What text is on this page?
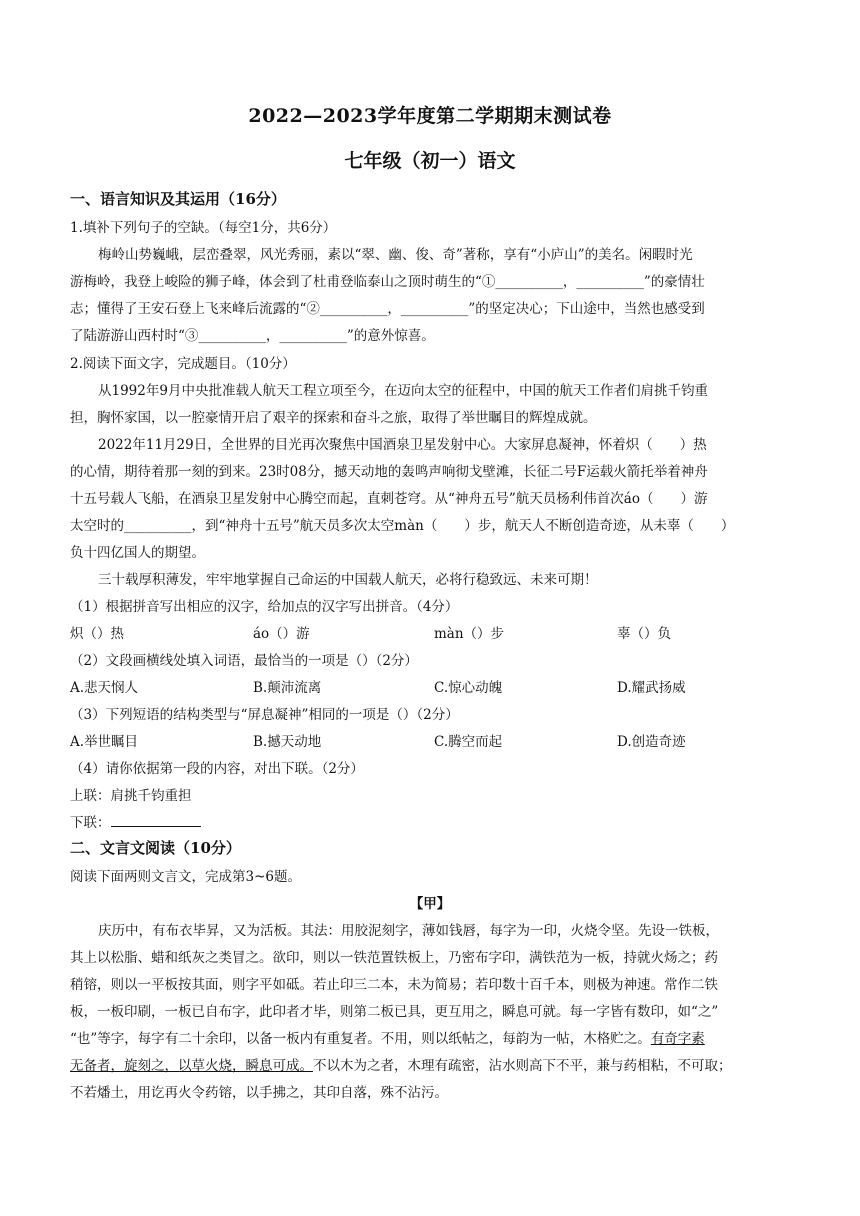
2022—2023学年度第二学期期末测试卷
七年级（初一）语文
一、语言知识及其运用（16分）
1.填补下列句子的空缺。（每空1分，共6分）
梅岭山势巍峨，层峦叠翠，风光秀丽，素以“翠、幽、俊、奇”著称，享有“小庐山”的美名。闲暇时光
游梅岭，我登上峻险的狮子峰，体会到了杜甫登临泰山之顶时萌生的“①__________，__________”的豪情壮
志；懂得了王安石登上飞来峰后流露的“②__________，__________”的坚定决心；下山途中，当然也感受到
了陆游游山西村时“③__________，__________”的意外惊喜。
2.阅读下面文字，完成题目。（10分）
从1992年9月中央批准载人航天工程立项至今，在迈向太空的征程中，中国的航天工作者们肩挑千钧重
担，胸怀家国，以一腔豪情开启了艰辛的探索和奋斗之旅，取得了举世瞩目的辉煌成就。
2022年11月29日，全世界的目光再次聚焦中国酒泉卫星发射中心。大家屏息凝神，怀着炽（　　）热
的心情，期待着那一刻的到来。23时08分，撼天动地的轰鸣声响彻戈壁滩，长征二号F运载火箭托举着神舟
十五号载人飞船，在酒泉卫星发射中心腾空而起，直刺苍穹。从“神舟五号”航天员杨利伟首次áo（　　）游
太空时的__________，到“神舟十五号”航天员多次太空màn（　　）步，航天人不断创造奇迹，从未辜（　　）
负十四亿国人的期望。
三十载厚积薄发，牢牢地掌握自己命运的中国载人航天，必将行稳致远、未来可期！
（1）根据拼音写出相应的汉字，给加点的汉字写出拼音。（4分）
炽（）热	áo（）游	màn（）步	辜（）负
（2）文段画横线处填入词语，最恰当的一项是（）（2分）
A.悲天悯人	B.颠沛流离	C.惊心动魄	D.耀武扬威
（3）下列短语的结构类型与“屏息凝神”相同的一项是（）（2分）
A.举世瞩目	B.撼天动地	C.腾空而起	D.创造奇迹
（4）请你依据第一段的内容，对出下联。（2分）
上联：肩挑千钧重担
下联：
二、文言文阅读（10分）
阅读下面两则文言文，完成第3~6题。
【甲】
庆历中，有布衣毕昇，又为活板。其法：用胶泥刻字，薄如钱唇，每字为一印，火烧令坚。先设一铁板，
其上以松脂、蜡和纸灰之类冒之。欲印，则以一铁范置铁板上，乃密布字印，满铁范为一板，持就火炀之；药
稍镕，则以一平板按其面，则字平如砥。若止印三二本，未为简易；若印数十百千本，则极为神速。常作二铁
板，一板印刷，一板已自布字，此印者才毕，则第二板已具，更互用之，瞬息可就。每一字皆有数印，如“之”
“也”等字，每字有二十余印，以备一板内有重复者。不用，则以纸帖之，每韵为一帖，木格贮之。有奇字素
无备者，旋刻之，以草火烧，瞬息可成。不以木为之者，木理有疏密，沾水则高下不平，兼与药相粘，不可取；
不若燔土，用讫再火令药镕，以手拂之，其印自落，殊不沾污。
